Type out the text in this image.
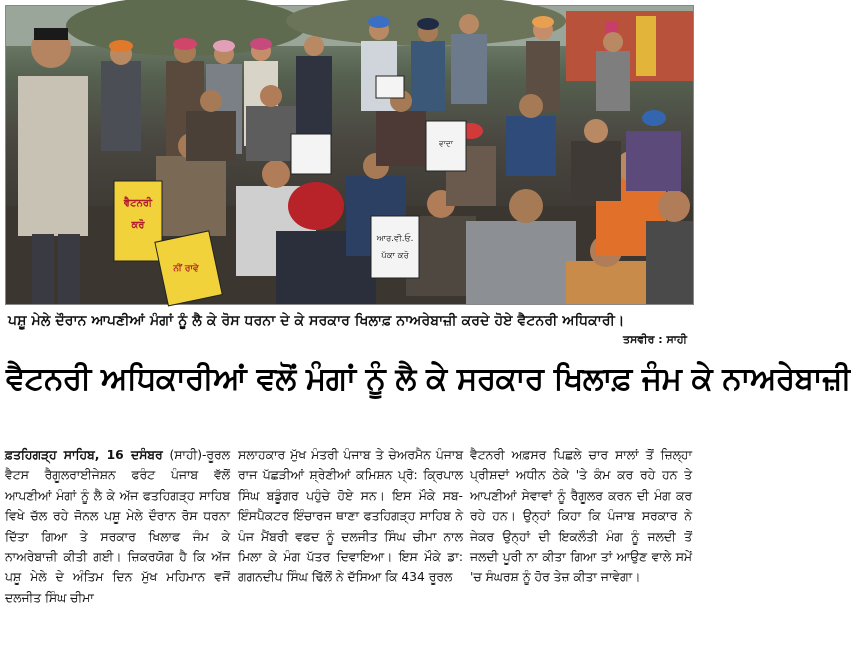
ਵੈਟਨਰੀ
ਕਰੋ
ਨੀਂ ਰਾਵੇ
ਆਰ.ਵੀ.ਓ.
ਪੱਕਾ ਕਰੋ
ਵਾਦਾ
ਪਸ਼ੂ ਮੇਲੇ ਦੌਰਾਨ ਆਪਣੀਆਂ ਮੰਗਾਂ ਨੂੰ ਲੈ ਕੇ ਰੋਸ ਧਰਨਾ ਦੇ ਕੇ ਸਰਕਾਰ ਖਿਲਾਫ਼ ਨਾਅਰੇਬਾਜ਼ੀ ਕਰਦੇ ਹੋਏ ਵੈਟਨਰੀ ਅਧਿਕਾਰੀ।
ਤਸਵੀਰ : ਸਾਹੀ
ਵੈਟਨਰੀ ਅਧਿਕਾਰੀਆਂ ਵਲੋਂ ਮੰਗਾਂ ਨੂੰ ਲੈ ਕੇ ਸਰਕਾਰ ਖਿਲਾਫ਼ ਜੰਮ ਕੇ ਨਾਅਰੇਬਾਜ਼ੀ

ਫ਼ਤਹਿਗੜ੍ਹ ਸਾਹਿਬ, 16 ਦਸੰਬਰ (ਸਾਹੀ)-ਰੂਰਲ ਵੈਟਸ ਰੈਗੂਲਰਾਈਜੇਸ਼ਨ ਫਰੰਟ ਪੰਜਾਬ ਵੱਲੋਂ ਆਪਣੀਆਂ ਮੰਗਾਂ ਨੂੰ ਲੈ ਕੇ ਅੱਜ ਫਤਹਿਗੜ੍ਹ ਸਾਹਿਬ ਵਿਖੇ ਚੱਲ ਰਹੇ ਜੋਨਲ ਪਸ਼ੂ ਮੇਲੇ ਦੌਰਾਨ ਰੋਸ ਧਰਨਾ ਦਿੱਤਾ ਗਿਆ ਤੇ ਸਰਕਾਰ ਖਿਲਾਫ ਜੰਮ ਕੇ ਨਾਅਰੇਬਾਜ਼ੀ ਕੀਤੀ ਗਈ। ਜ਼ਿਕਰਯੋਗ ਹੈ ਕਿ ਅੱਜ ਪਸ਼ੂ ਮੇਲੇ ਦੇ ਅੰਤਿਮ ਦਿਨ ਮੁੱਖ ਮਹਿਮਾਨ ਵਜੋਂ ਦਲਜੀਤ ਸਿੰਘ ਚੀਮਾ

ਸਲਾਹਕਾਰ ਮੁੱਖ ਮੰਤਰੀ ਪੰਜਾਬ ਤੇ ਚੇਅਰਮੈਨ ਪੰਜਾਬ ਰਾਜ ਪੱਛੜੀਆਂ ਸ਼੍ਰੇਣੀਆਂ ਕਮਿਸ਼ਨ ਪ੍ਰੋ: ਕ੍ਰਿਪਾਲ ਸਿੰਘ ਬਡੂੰਗਰ ਪਹੁੰਚੇ ਹੋਏ ਸਨ। ਇਸ ਮੌਕੇ ਸਬ-ਇੰਸਪੈਕਟਰ ਇੰਚਾਰਜ ਥਾਣਾ ਫਤਹਿਗੜ੍ਹ ਸਾਹਿਬ ਨੇ ਪੰਜ ਮੈਂਬਰੀ ਵਫਦ ਨੂੰ ਦਲਜੀਤ ਸਿੰਘ ਚੀਮਾ ਨਾਲ ਮਿਲਾ ਕੇ ਮੰਗ ਪੱਤਰ ਦਿਵਾਇਆ। ਇਸ ਮੌਕੇ ਡਾ: ਗਗਨਦੀਪ ਸਿੰਘ ਢਿੱਲੋਂ ਨੇ ਦੱਸਿਆ ਕਿ 434 ਰੂਰਲ

ਵੈਟਨਰੀ ਅਫ਼ਸਰ ਪਿਛਲੇ ਚਾਰ ਸਾਲਾਂ ਤੋਂ ਜ਼ਿਲ੍ਹਾ ਪ੍ਰੀਸ਼ਦਾਂ ਅਧੀਨ ਠੇਕੇ 'ਤੇ ਕੰਮ ਕਰ ਰਹੇ ਹਨ ਤੇ ਆਪਣੀਆਂ ਸੇਵਾਵਾਂ ਨੂੰ ਰੈਗੂਲਰ ਕਰਨ ਦੀ ਮੰਗ ਕਰ ਰਹੇ ਹਨ। ਉਨ੍ਹਾਂ ਕਿਹਾ ਕਿ ਪੰਜਾਬ ਸਰਕਾਰ ਨੇ ਜੇਕਰ ਉਨ੍ਹਾਂ ਦੀ ਇਕਲੌਤੀ ਮੰਗ ਨੂੰ ਜਲਦੀ ਤੋਂ ਜਲਦੀ ਪੂਰੀ ਨਾ ਕੀਤਾ ਗਿਆ ਤਾਂ ਆਉਣ ਵਾਲੇ ਸਮੇਂ 'ਚ ਸੰਘਰਸ਼ ਨੂੰ ਹੋਰ ਤੇਜ਼ ਕੀਤਾ ਜਾਵੇਗਾ।
